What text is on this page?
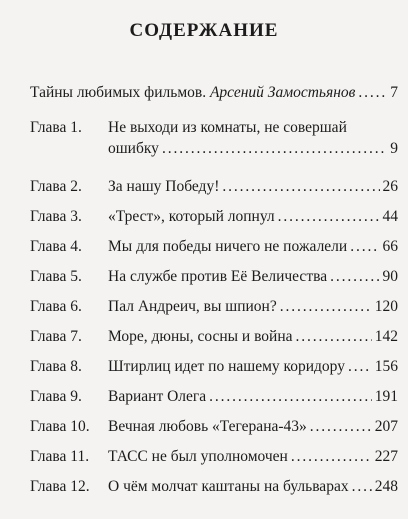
СОДЕРЖАНИЕ
Тайны любимых фильмов.
Арсений Замостьянов . . . 7
Глава 1.	Не выходи из комнаты, не совершай
ошибку . . .	9
Глава 2.	За нашу Победу! . . .	26
Глава 3.	«Трест», который лопнул . . .	44
Глава 4.	Мы для победы ничего не пожалели . . . 66
Глава 5.	На службе против Её Величества . . .	90
Глава 6.	Пал Андреич, вы шпион? . . .	120
Глава 7.	Море, дюны, сосны и война . . .	142
Глава 8.	Штирлиц идет по нашему коридору . . . 156
Глава 9.	Вариант Олега . . .	191
Глава 10.	Вечная любовь «Тегерана-43» . . .	207
Глава 11.	ТАСС не был уполномочен . . .	227
Глава 12.	О чём молчат каштаны на бульварах . . . 248
